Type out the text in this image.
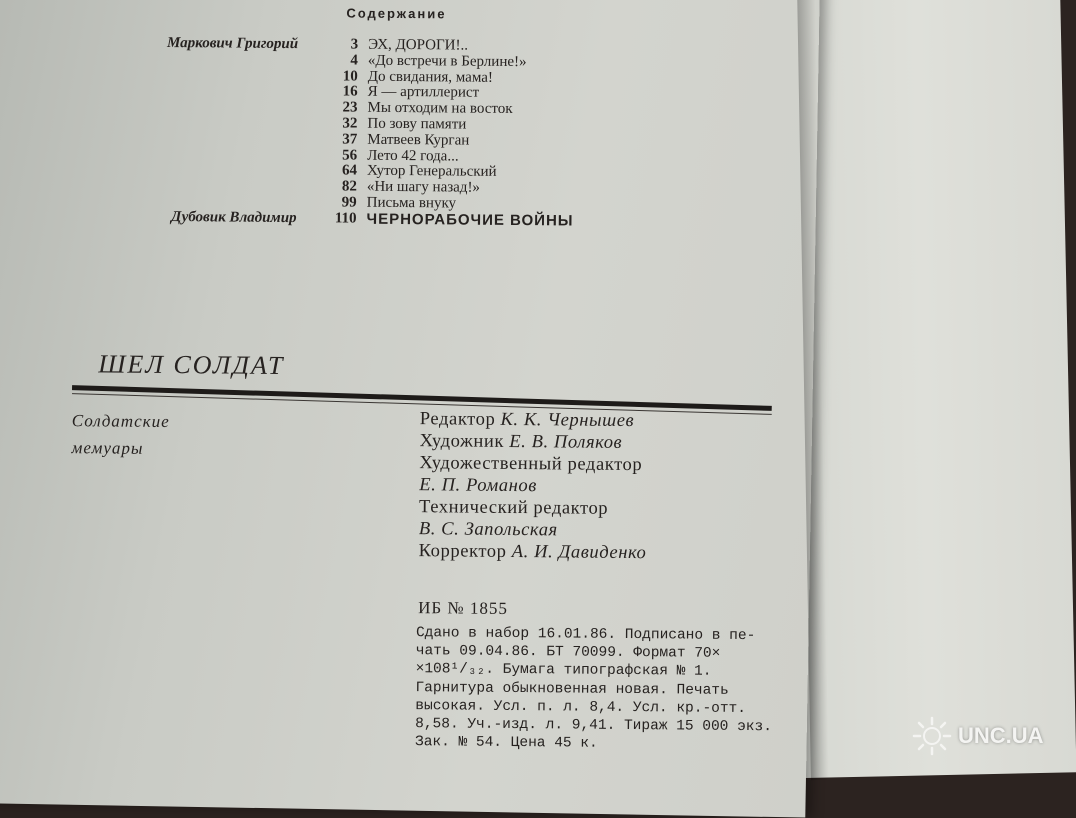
Содержание
Маркович Григорий	3 ЭХ, ДОРОГИ!..
4 «До встречи в Берлине!»
10 До свидания, мама!
16 Я — артиллерист
23 Мы отходим на восток
32 По зову памяти
37 Матвеев Курган
56 Лето 42 года...
64 Хутор Генеральский
82 «Ни шагу назад!»
99 Письма внуку
Дубовик Владимир	110 ЧЕРНОРАБОЧИЕ ВОЙНЫ
ШЕЛ СОЛДАТ
Солдатские
мемуары
Редактор К. К. Чернышев
Художник Е. В. Поляков
Художественный редактор
Е. П. Романов
Технический редактор
В. С. Запольская
Корректор А. И. Давиденко
ИБ № 1855
Сдано в набор 16.01.86. Подписано в пе-
чать 09.04.86. БТ 70099. Формат 70×
×108¹/₃₂. Бумага типографская № 1.
Гарнитура обыкновенная новая. Печать
высокая. Усл. п. л. 8,4. Усл. кр.-отт.
8,58. Уч.-изд. л. 9,41. Тираж 15 000 экз.
Зак. № 54. Цена 45 к.	UNC.UA
